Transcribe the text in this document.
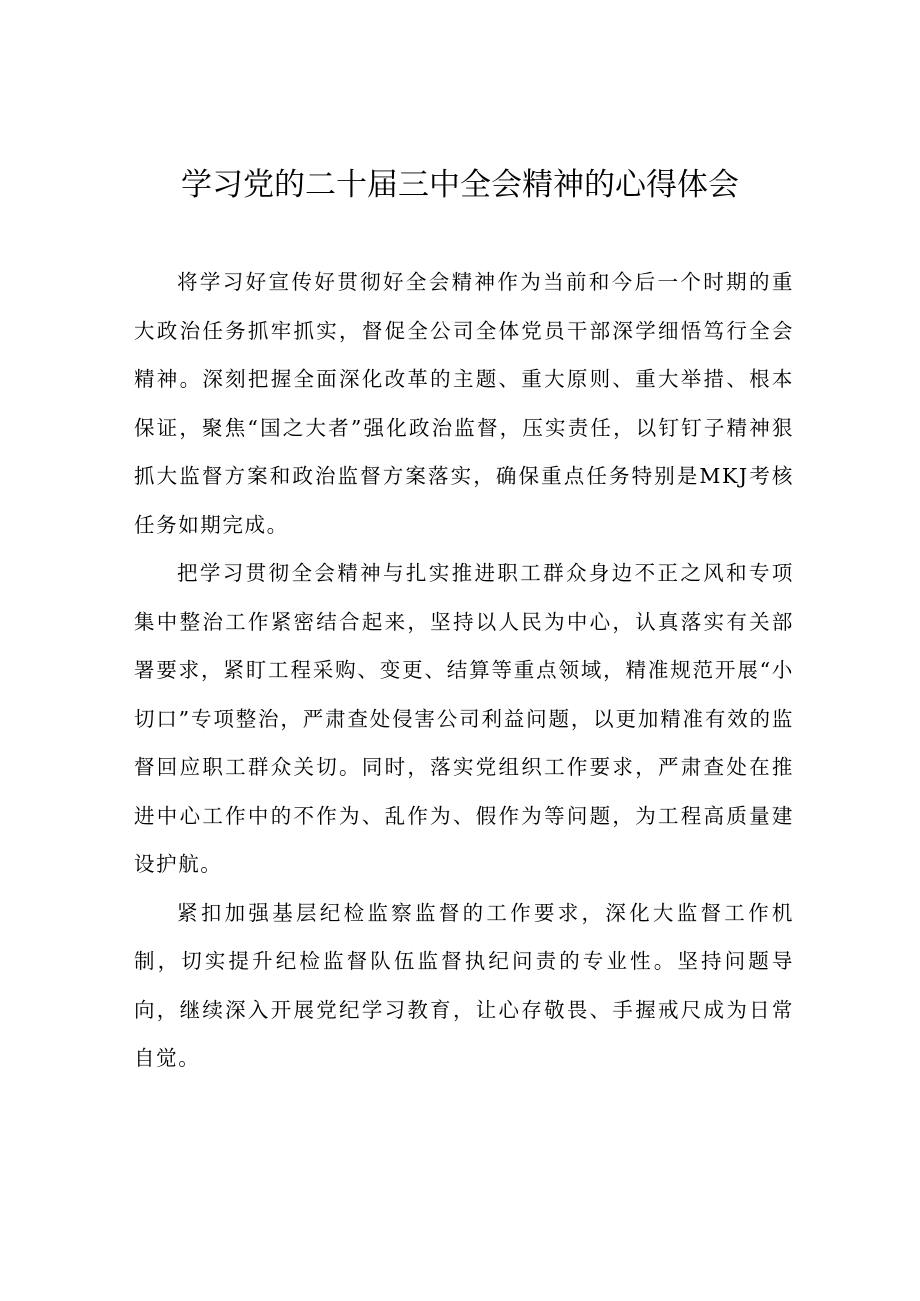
学习党的二十届三中全会精神的心得体会

将学习好宣传好贯彻好全会精神作为当前和今后一个时期的重大政治任务抓牢抓实，督促全公司全体党员干部深学细悟笃行全会精神。深刻把握全面深化改革的主题、重大原则、重大举措、根本保证，聚焦“国之大者”强化政治监督，压实责任，以钉钉子精神狠抓大监督方案和政治监督方案落实，确保重点任务特别是MKJ考核任务如期完成。

把学习贯彻全会精神与扎实推进职工群众身边不正之风和专项集中整治工作紧密结合起来，坚持以人民为中心，认真落实有关部署要求，紧盯工程采购、变更、结算等重点领域，精准规范开展“小切口”专项整治，严肃查处侵害公司利益问题，以更加精准有效的监督回应职工群众关切。同时，落实党组织工作要求，严肃查处在推进中心工作中的不作为、乱作为、假作为等问题，为工程高质量建设护航。

紧扣加强基层纪检监察监督的工作要求，深化大监督工作机制，切实提升纪检监督队伍监督执纪问责的专业性。坚持问题导向，继续深入开展党纪学习教育，让心存敬畏、手握戒尺成为日常自觉。
